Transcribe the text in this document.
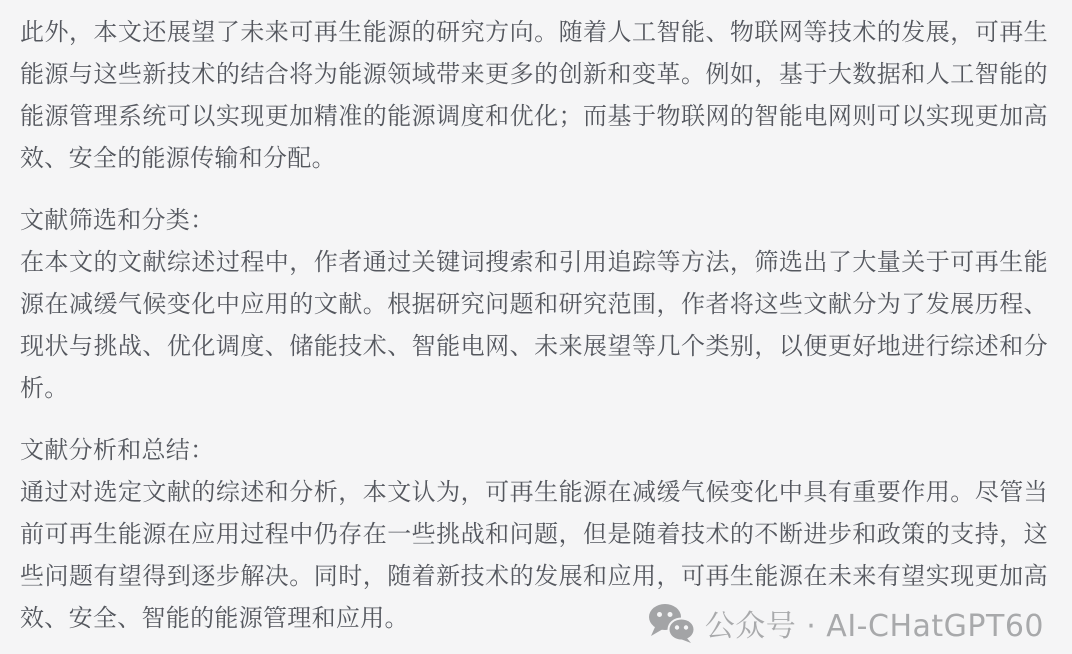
此外，本文还展望了未来可再生能源的研究方向。随着人工智能、物联网等技术的发展，可再生能源与这些新技术的结合将为能源领域带来更多的创新和变革。例如，基于大数据和人工智能的能源管理系统可以实现更加精准的能源调度和优化；而基于物联网的智能电网则可以实现更加高效、安全的能源传输和分配。
文献筛选和分类：
在本文的文献综述过程中，作者通过关键词搜索和引用追踪等方法，筛选出了大量关于可再生能源在减缓气候变化中应用的文献。根据研究问题和研究范围，作者将这些文献分为了发展历程、现状与挑战、优化调度、储能技术、智能电网、未来展望等几个类别，以便更好地进行综述和分析。
文献分析和总结：
通过对选定文献的综述和分析，本文认为，可再生能源在减缓气候变化中具有重要作用。尽管当前可再生能源在应用过程中仍存在一些挑战和问题，但是随着技术的不断进步和政策的支持，这些问题有望得到逐步解决。同时，随着新技术的发展和应用，可再生能源在未来有望实现更加高效、安全、智能的能源管理和应用。	公众号 · AI-CHatGPT60
